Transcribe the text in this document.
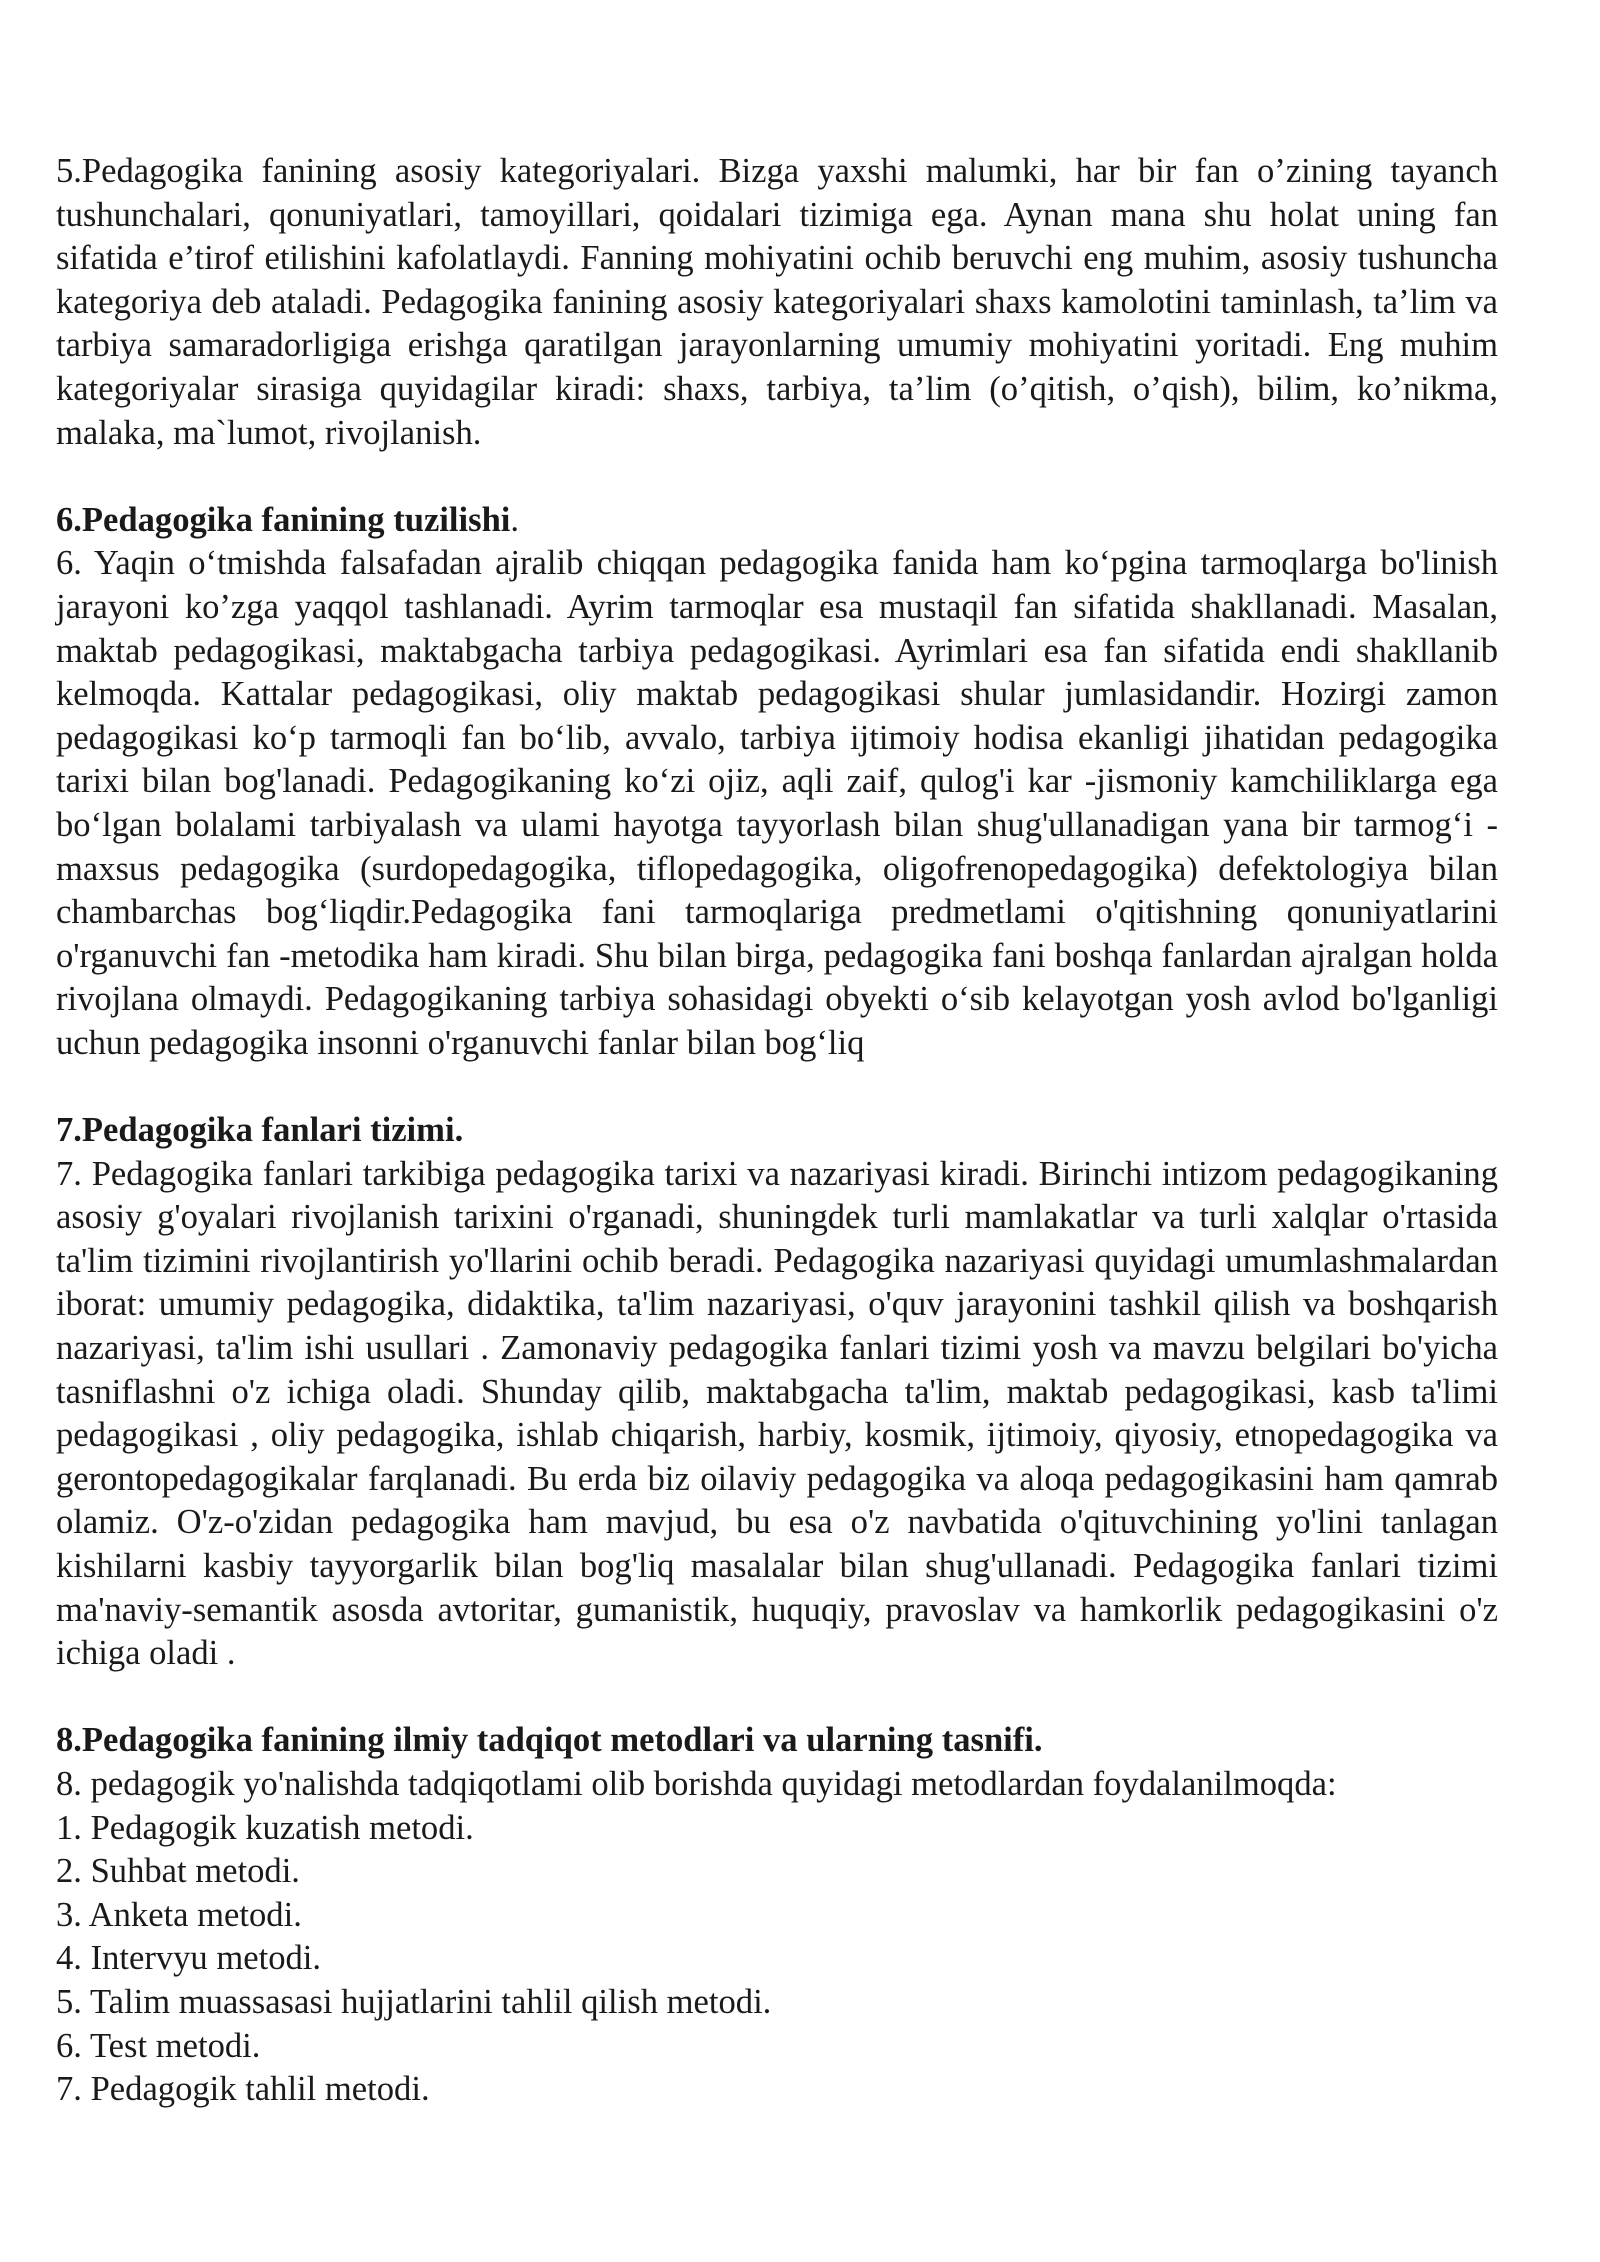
5.Pedagogika fanining asosiy kategoriyalari. Bizga yaxshi malumki, har bir fan o’zining tayanch tushunchalari, qonuniyatlari, tamoyillari, qoidalari tizimiga ega. Aynan mana shu holat uning fan sifatida e’tirof etilishini kafolatlaydi. Fanning mohiyatini ochib beruvchi eng muhim, asosiy tushuncha kategoriya deb ataladi. Pedagogika fanining asosiy kategoriyalari shaxs kamolotini taminlash, ta’lim va tarbiya samaradorligiga erishga qaratilgan jarayonlarning umumiy mohiyatini yoritadi. Eng muhim kategoriyalar sirasiga quyidagilar kiradi: shaxs, tarbiya, ta’lim (o’qitish, o’qish), bilim, ko’nikma, malaka, ma`lumot, rivojlanish.

6.Pedagogika fanining tuzilishi.

6. Yaqin o‘tmishda falsafadan ajralib chiqqan pedagogika fanida ham ko‘pgina tarmoqlarga bo'linish jarayoni ko’zga yaqqol tashlanadi. Ayrim tarmoqlar esa mustaqil fan sifatida shakllanadi. Masalan, maktab pedagogikasi, maktabgacha tarbiya pedagogikasi. Ayrimlari esa fan sifatida endi shakllanib kelmoqda. Kattalar pedagogikasi, oliy maktab pedagogikasi shular jumlasidandir. Hozirgi zamon pedagogikasi ko‘p tarmoqli fan bo‘lib, avvalo, tarbiya ijtimoiy hodisa ekanligi jihatidan pedagogika tarixi bilan bog'lanadi. Pedagogikaning ko‘zi ojiz, aqli zaif, qulog'i kar -jismoniy kamchiliklarga ega bo‘lgan bolalami tarbiyalash va ulami hayotga tayyorlash bilan shug'ullanadigan yana bir tarmog‘i -maxsus pedagogika (surdopedagogika, tiflopedagogika, oligofrenopedagogika) defektologiya bilan chambarchas bog‘liqdir.Pedagogika fani tarmoqlariga predmetlami o'qitishning qonuniyatlarini o'rganuvchi fan -metodika ham kiradi. Shu bilan birga, pedagogika fani boshqa fanlardan ajralgan holda rivojlana olmaydi. Pedagogikaning tarbiya sohasidagi obyekti o‘sib kelayotgan yosh avlod bo'lganligi uchun pedagogika insonni o'rganuvchi fanlar bilan bog‘liq

7.Pedagogika fanlari tizimi.

7. Pedagogika fanlari tarkibiga pedagogika tarixi va nazariyasi kiradi. Birinchi intizom pedagogikaning asosiy g'oyalari rivojlanish tarixini o'rganadi, shuningdek turli mamlakatlar va turli xalqlar o'rtasida ta'lim tizimini rivojlantirish yo'llarini ochib beradi. Pedagogika nazariyasi quyidagi umumlashmalardan iborat: umumiy pedagogika, didaktika, ta'lim nazariyasi, o'quv jarayonini tashkil qilish va boshqarish nazariyasi, ta'lim ishi usullari . Zamonaviy pedagogika fanlari tizimi yosh va mavzu belgilari bo'yicha tasniflashni o'z ichiga oladi. Shunday qilib, maktabgacha ta'lim, maktab pedagogikasi, kasb ta'limi pedagogikasi , oliy pedagogika, ishlab chiqarish, harbiy, kosmik, ijtimoiy, qiyosiy, etnopedagogika va gerontopedagogikalar farqlanadi. Bu erda biz oilaviy pedagogika va aloqa pedagogikasini ham qamrab olamiz. O'z-o'zidan pedagogika ham mavjud, bu esa o'z navbatida o'qituvchining yo'lini tanlagan kishilarni kasbiy tayyorgarlik bilan bog'liq masalalar bilan shug'ullanadi. Pedagogika fanlari tizimi ma'naviy-semantik asosda avtoritar, gumanistik, huquqiy, pravoslav va hamkorlik pedagogikasini o'z ichiga oladi .

8.Pedagogika fanining ilmiy tadqiqot metodlari va ularning tasnifi.

8. pedagogik yo'nalishda tadqiqotlami olib borishda quyidagi metodlardan foydalanilmoqda:

1. Pedagogik kuzatish metodi.

2. Suhbat metodi.

3. Anketa metodi.

4. Intervyu metodi.

5. Talim muassasasi hujjatlarini tahlil qilish metodi.

6. Test metodi.

7. Pedagogik tahlil metodi.
